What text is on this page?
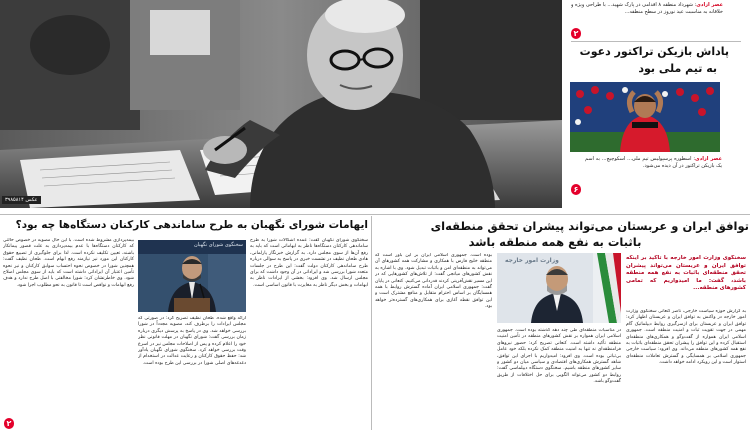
عکس ۳۹۸۵۸۱۴
عصر آزادی: شهرداد منطقه ۸ اقدامی در پارک شهید... با طراحی ویژه و خلاقانه به مناسبت عید نوروز در سطح منطقه...
۲
پاداش بازیکن تراکتور دعوت
به تیم ملی بود
عصر آزادی: اسطوره پرسپولیس تیم ملی... اسکوچیچ... به اسم یک بازیکن تراکتور در آن دیده می‌شود.
۶
توافق ایران و عربستان می‌تواند پیشران تحقق منطقه‌ای
باثبات به نفع همه منطقه باشد
سخنگوی وزارت امور خارجه با تأکید بر اینکه توافق ایران و عربستان می‌تواند پیشران تحقق منطقه‌ای باثبات به نفع همه منطقه باشد، گفت: ما امیدواریم که تمامی کشورهای منطقه...
به گزارش حوزه سیاست خارجی، ناصر کنعانی سخنگوی وزارت امور خارجه در واکنش به توافق ایران و عربستان اظهار کرد: توافق ایران و عربستان برای ازسرگیری روابط دیپلماتیک گام مهمی در جهت تقویت ثبات و امنیت منطقه است. جمهوری اسلامی ایران همواره از گفت‌وگو و همکاری‌های منطقه‌ای استقبال کرده و این توافق را پیشران تحقق منطقه‌ای باثبات به نفع همه کشورهای منطقه می‌داند. وی افزود: سیاست خارجی جمهوری اسلامی بر همسایگی و گسترش تعاملات منطقه‌ای استوار است و این رویکرد ادامه خواهد داشت.
وزارت امور خارجه
در مناسبات منطقه‌ای طی چند دهه گذشته بوده است. جمهوری اسلامی ایران همواره بر نقش کشورهای منطقه در تأمین امنیت منطقه تأکید داشته است. کنعانی تصریح کرد: حضور نیروهای فرامنطقه‌ای نه تنها به امنیت منطقه کمک نکرده بلکه خود عامل بی‌ثباتی بوده است. وی افزود: امیدواریم با اجرای این توافق، شاهد گسترش همکاری‌های اقتصادی و سیاسی میان دو کشور و سایر کشورهای منطقه باشیم. سخنگوی دستگاه دیپلماسی گفت: روابط دو کشور می‌تواند الگویی برای حل اختلافات از طریق گفت‌وگو باشد.
بوده است. جمهوری اسلامی ایران بر این باور است که منطقه خلیج فارس با همکاری و مشارکت همه کشورهای آن می‌تواند به منطقه‌ای امن و باثبات تبدیل شود. وی با اشاره به نقش کشورهای میانجی گفت: از تلاش‌های کشورهایی که در این مسیر نقش‌آفرینی کردند قدردانی می‌کنیم. کنعانی در پایان گفت: جمهوری اسلامی ایران آماده گسترش روابط با همه همسایگان بر اساس احترام متقابل و منافع مشترک است و این توافق نقطه آغازی برای همکاری‌های گسترده‌تر خواهد بود.
ایهامات شورای نگهبان به طرح ساماندهی کارکنان دستگاه‌ها چه بود؟
سخنگوی شورای نگهبان گفت: عمده اشکالات شورا به طرح ساماندهی کارکنان دستگاه‌ها ناظر به ابهاماتی است که باید به رفع آن‌ها از سوی مجلس دارد. به گزارش خبرنگار پارلمانی، هادی طحان نظیف در نشست خبری در پاسخ به سوالی درباره طرح ساماندهی کارکنان دولت گفت: این طرح در جلسات متعدد شورا بررسی شد و ایراداتی در آن وجود داشت که برای مجلس ارسال شد. وی افزود: بخشی از ایرادات ناظر به ابهامات و بخش دیگر ناظر به مغایرت با قانون اساسی است.
سخنگوی شورای نگهبان
ارائه واقع شده. طحان نظیف تصریح کرد: در صورتی که مجلس ایرادات را برطرف کند، مصوبه مجدداً در شورا بررسی خواهد شد. وی در پاسخ به پرسش دیگری درباره زمان بررسی گفت: شورای نگهبان در مهلت قانونی نظر خود را اعلام کرده و پس از اصلاحات مجلس نیز در اسرع وقت بررسی خواهد کرد. سخنگوی شورای نگهبان یادآور شد: حفظ حقوق کارکنان و رعایت عدالت در استخدام از دغدغه‌های اصلی شورا در بررسی این طرح بوده است.
بیمه‌پردازی مشروط شده است. با این حال مصوبه در خصوص حالتی که کارکنان دستگاه‌ها با عدم بیمه‌پردازی به علت قصور پیمانکار باشند، تعیین تکلیف نکرده است. لذا برای جلوگیری از تضییع حقوق کارکنان این مورد نیز نیازمند رفع ابهام است. طحان نظیف گفت: همچنین شورا در خصوص نحوه احتساب سوابق کارکنان و نیز نحوه تأمین اعتبار آن ایراداتی داشته است که باید از سوی مجلس اصلاح شود. وی خاطرنشان کرد: شورا مخالفتی با اصل طرح ندارد و هدف رفع ابهامات و نواقص است تا قانون به نحو مطلوب اجرا شود.
۲
